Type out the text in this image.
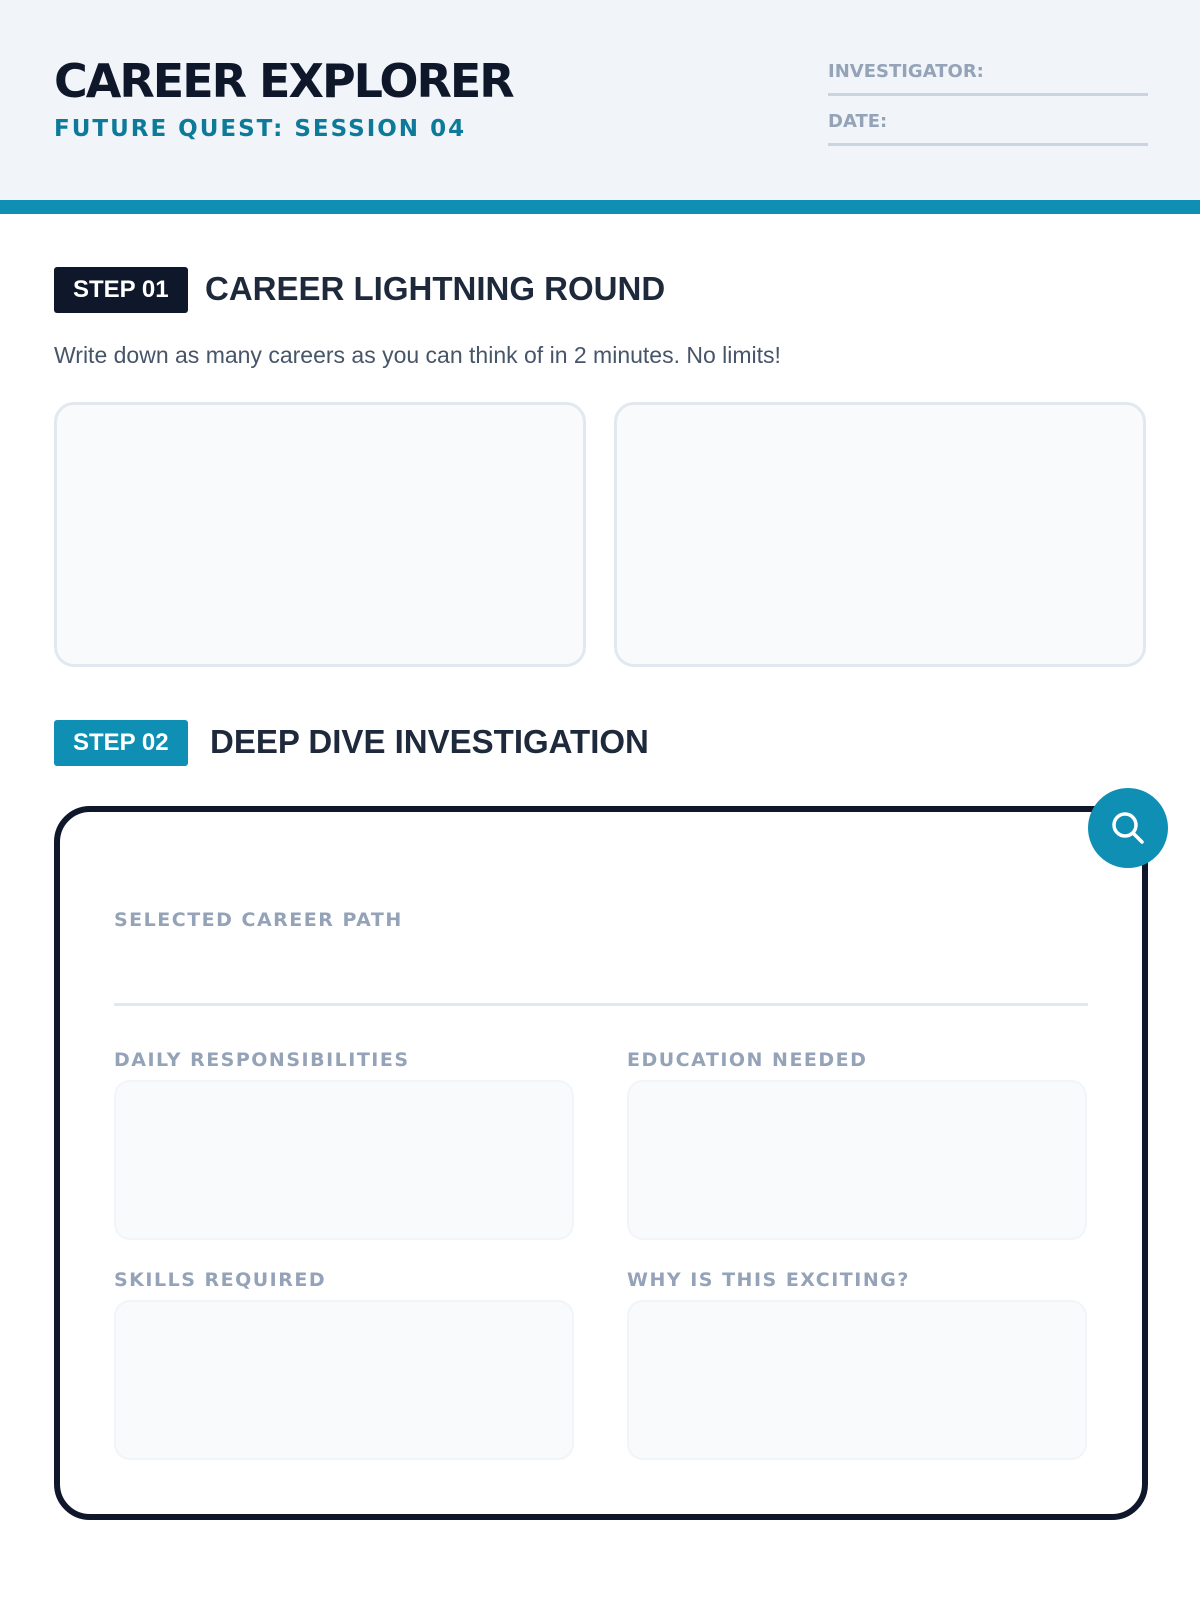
CAREER EXPLORER
FUTURE QUEST: SESSION 04
INVESTIGATOR:
DATE:
STEP 01	CAREER LIGHTNING ROUND
Write down as many careers as you can think of in 2 minutes. No limits!
STEP 02	DEEP DIVE INVESTIGATION
SELECTED CAREER PATH
DAILY RESPONSIBILITIES	EDUCATION NEEDED
SKILLS REQUIRED	WHY IS THIS EXCITING?
